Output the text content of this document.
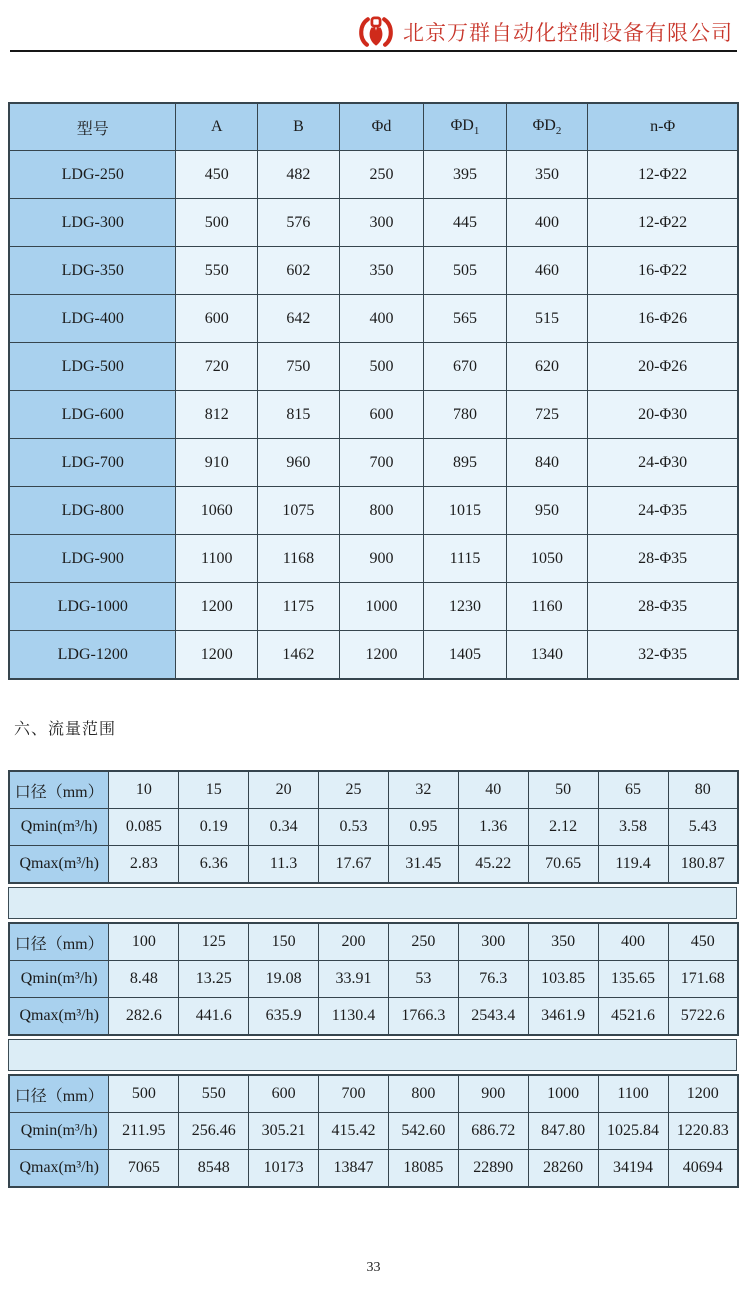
北京万群自动化控制设备有限公司
型号	A	B	Φd	$\Phi D_1$	$\Phi D_2$	n-Φ
LDG-250	450	482	250	395	350	12-Φ22
LDG-300	500	576	300	445	400	12-Φ22
LDG-350	550	602	350	505	460	16-Φ22
LDG-400	600	642	400	565	515	16-Φ26
LDG-500	720	750	500	670	620	20-Φ26
LDG-600	812	815	600	780	725	20-Φ30
LDG-700	910	960	700	895	840	24-Φ30
LDG-800	1060	1075	800	1015	950	24-Φ35
LDG-900	1100	1168	900	1115	1050	28-Φ35
LDG-1000	1200	1175	1000	1230	1160	28-Φ35
LDG-1200	1200	1462	1200	1405	1340	32-Φ35
六、流量范围
口径（mm）	10	15	20	25	32	40	50	65	80
Qmin(m³/h)	0.085	0.19	0.34	0.53	0.95	1.36	2.12	3.58	5.43
Qmax(m³/h)	2.83	6.36	11.3	17.67	31.45	45.22	70.65	119.4	180.87
口径（mm）	100	125	150	200	250	300	350	400	450
Qmin(m³/h)	8.48	13.25	19.08	33.91	53	76.3	103.85	135.65	171.68
Qmax(m³/h)	282.6	441.6	635.9	1130.4	1766.3	2543.4	3461.9	4521.6	5722.6
口径（mm）	500	550	600	700	800	900	1000	1100	1200
Qmin(m³/h)	211.95	256.46	305.21	415.42	542.60	686.72	847.80	1025.84	1220.83
Qmax(m³/h)	7065	8548	10173	13847	18085	22890	28260	34194	40694
33
